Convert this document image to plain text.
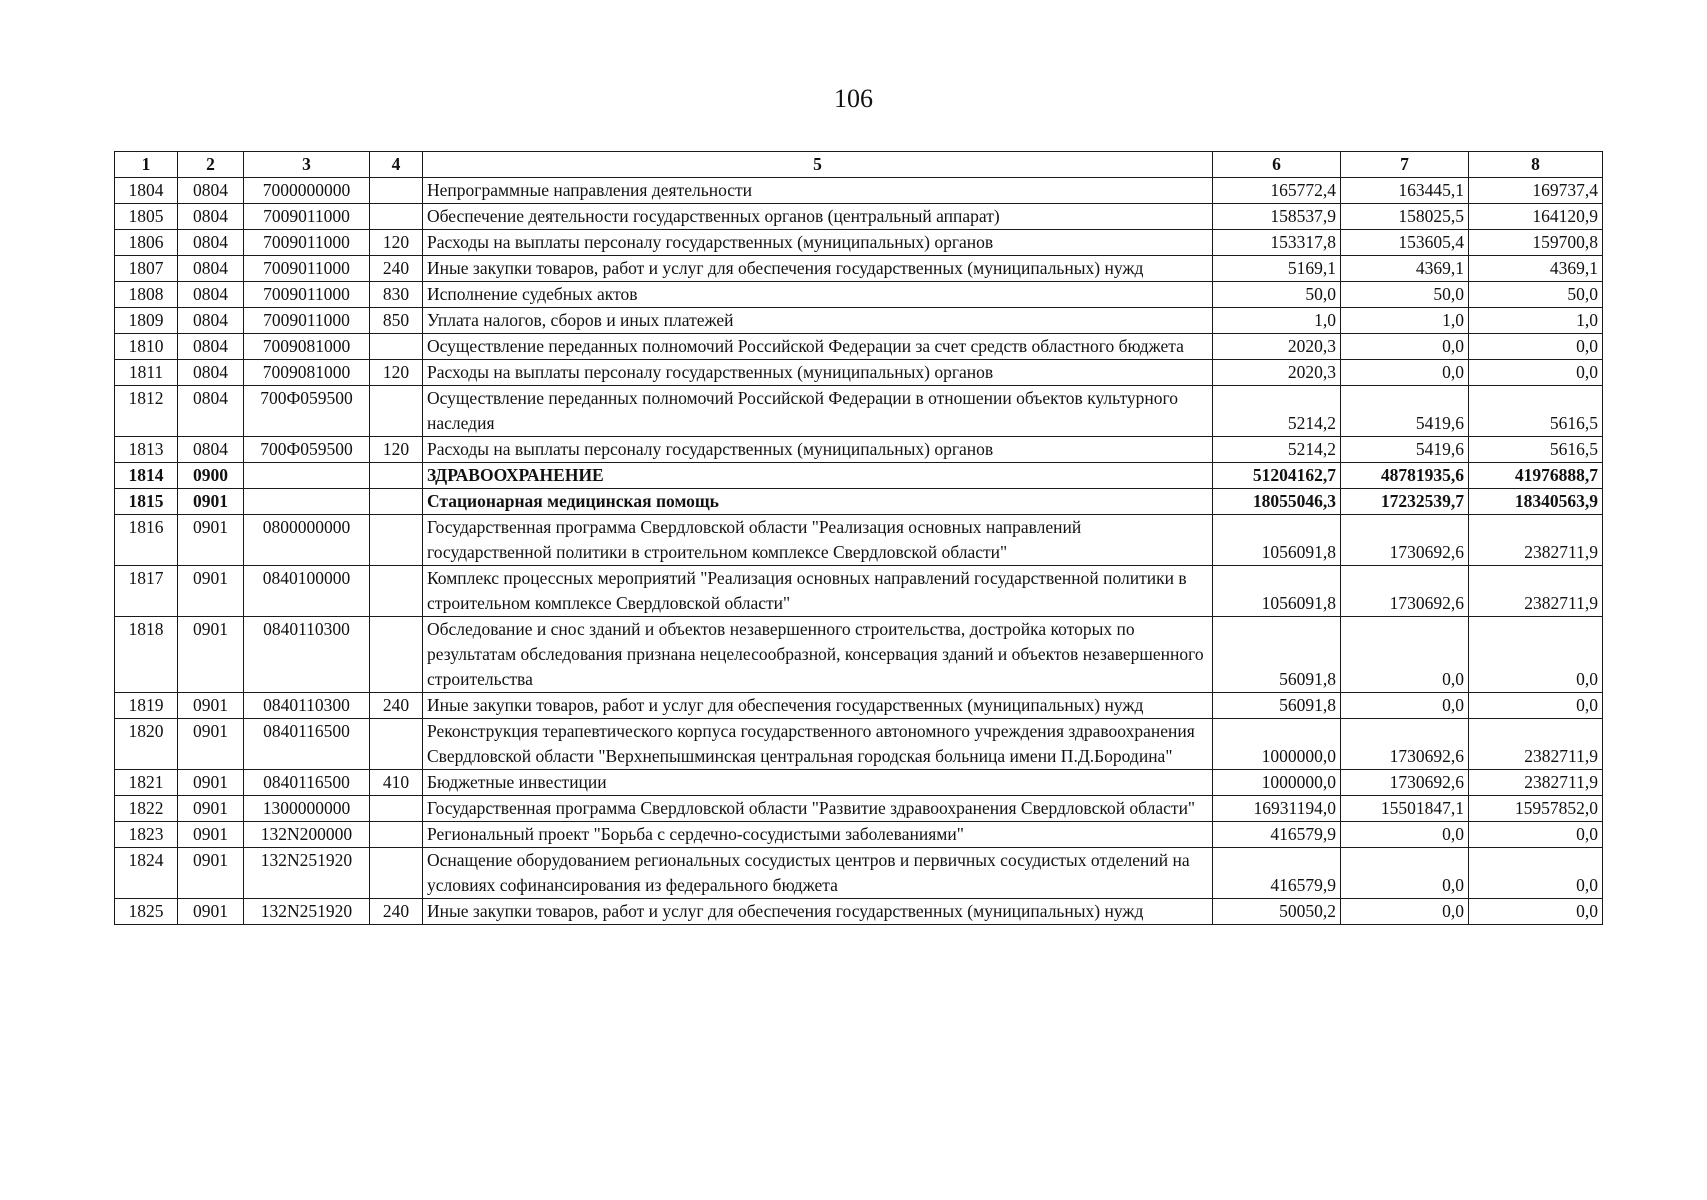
106
1	2	3	4	5	6	7	8
1804	0804	7000000000		Непрограммные направления деятельности	165772,4	163445,1	169737,4
1805	0804	7009011000		Обеспечение деятельности государственных органов (центральный аппарат)	158537,9	158025,5	164120,9
1806	0804	7009011000	120	Расходы на выплаты персоналу государственных (муниципальных) органов	153317,8	153605,4	159700,8
1807	0804	7009011000	240	Иные закупки товаров, работ и услуг для обеспечения государственных (муниципальных) нужд	5169,1	4369,1	4369,1
1808	0804	7009011000	830	Исполнение судебных актов	50,0	50,0	50,0
1809	0804	7009011000	850	Уплата налогов, сборов и иных платежей	1,0	1,0	1,0
1810	0804	7009081000		Осуществление переданных полномочий Российской Федерации за счет средств областного бюджета	2020,3	0,0	0,0
1811	0804	7009081000	120	Расходы на выплаты персоналу государственных (муниципальных) органов	2020,3	0,0	0,0
1812	0804	700Ф059500		Осуществление переданных полномочий Российской Федерации в отношении объектов культурного наследия	5214,2	5419,6	5616,5
1813	0804	700Ф059500	120	Расходы на выплаты персоналу государственных (муниципальных) органов	5214,2	5419,6	5616,5
1814	0900			ЗДРАВООХРАНЕНИЕ	51204162,7	48781935,6	41976888,7
1815	0901			Стационарная медицинская помощь	18055046,3	17232539,7	18340563,9
1816	0901	0800000000		Государственная программа Свердловской области "Реализация основных направлений государственной политики в строительном комплексе Свердловской области"	1056091,8	1730692,6	2382711,9
1817	0901	0840100000		Комплекс процессных мероприятий "Реализация основных направлений государственной политики в строительном комплексе Свердловской области"	1056091,8	1730692,6	2382711,9
1818	0901	0840110300		Обследование и снос зданий и объектов незавершенного строительства, достройка которых по результатам обследования признана нецелесообразной, консервация зданий и объектов незавершенного строительства	56091,8	0,0	0,0
1819	0901	0840110300	240	Иные закупки товаров, работ и услуг для обеспечения государственных (муниципальных) нужд	56091,8	0,0	0,0
1820	0901	0840116500		Реконструкция терапевтического корпуса государственного автономного учреждения здравоохранения Свердловской области "Верхнепышминская центральная городская больница имени П.Д.Бородина"	1000000,0	1730692,6	2382711,9
1821	0901	0840116500	410	Бюджетные инвестиции	1000000,0	1730692,6	2382711,9
1822	0901	1300000000		Государственная программа Свердловской области "Развитие здравоохранения Свердловской области"	16931194,0	15501847,1	15957852,0
1823	0901	132N200000		Региональный проект "Борьба с сердечно-сосудистыми заболеваниями"	416579,9	0,0	0,0
1824	0901	132N251920		Оснащение оборудованием региональных сосудистых центров и первичных сосудистых отделений на условиях софинансирования из федерального бюджета	416579,9	0,0	0,0
1825	0901	132N251920	240	Иные закупки товаров, работ и услуг для обеспечения государственных (муниципальных) нужд	50050,2	0,0	0,0
